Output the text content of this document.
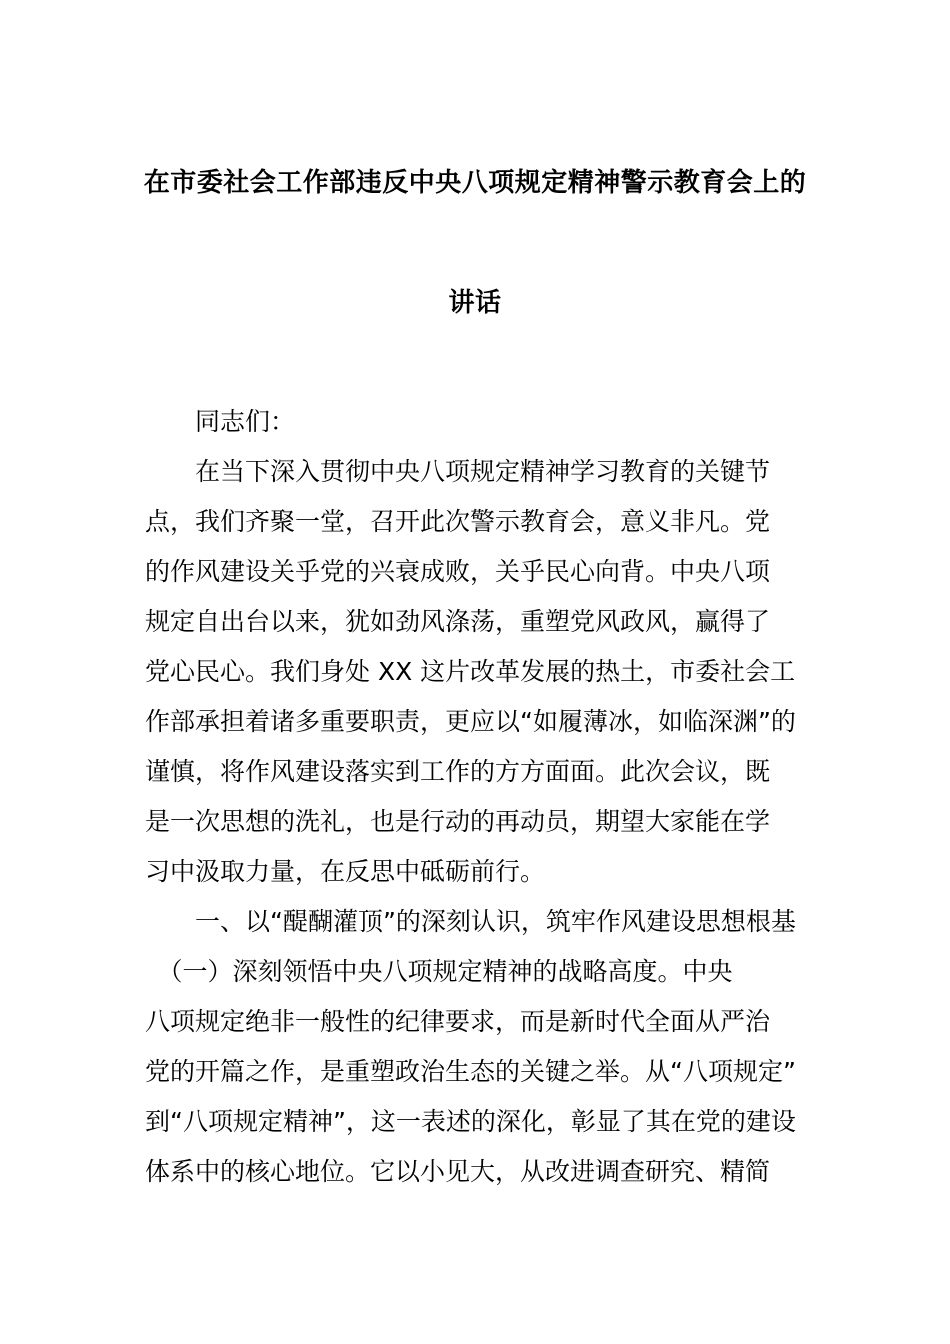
在市委社会工作部违反中央八项规定精神警示教育会上的
讲话
　　同志们：
　　在当下深入贯彻中央八项规定精神学习教育的关键节
点，我们齐聚一堂，召开此次警示教育会，意义非凡。党
的作风建设关乎党的兴衰成败，关乎民心向背。中央八项
规定自出台以来，犹如劲风涤荡，重塑党风政风，赢得了
党心民心。我们身处 XX 这片改革发展的热土，市委社会工
作部承担着诸多重要职责，更应以“如履薄冰，如临深渊”的
谨慎，将作风建设落实到工作的方方面面。此次会议，既
是一次思想的洗礼，也是行动的再动员，期望大家能在学
习中汲取力量，在反思中砥砺前行。
　　一、以“醍醐灌顶”的深刻认识，筑牢作风建设思想根基
　（一）深刻领悟中央八项规定精神的战略高度。中央
八项规定绝非一般性的纪律要求，而是新时代全面从严治
党的开篇之作，是重塑政治生态的关键之举。从“八项规定”
到“八项规定精神”，这一表述的深化，彰显了其在党的建设
体系中的核心地位。它以小见大，从改进调查研究、精简
